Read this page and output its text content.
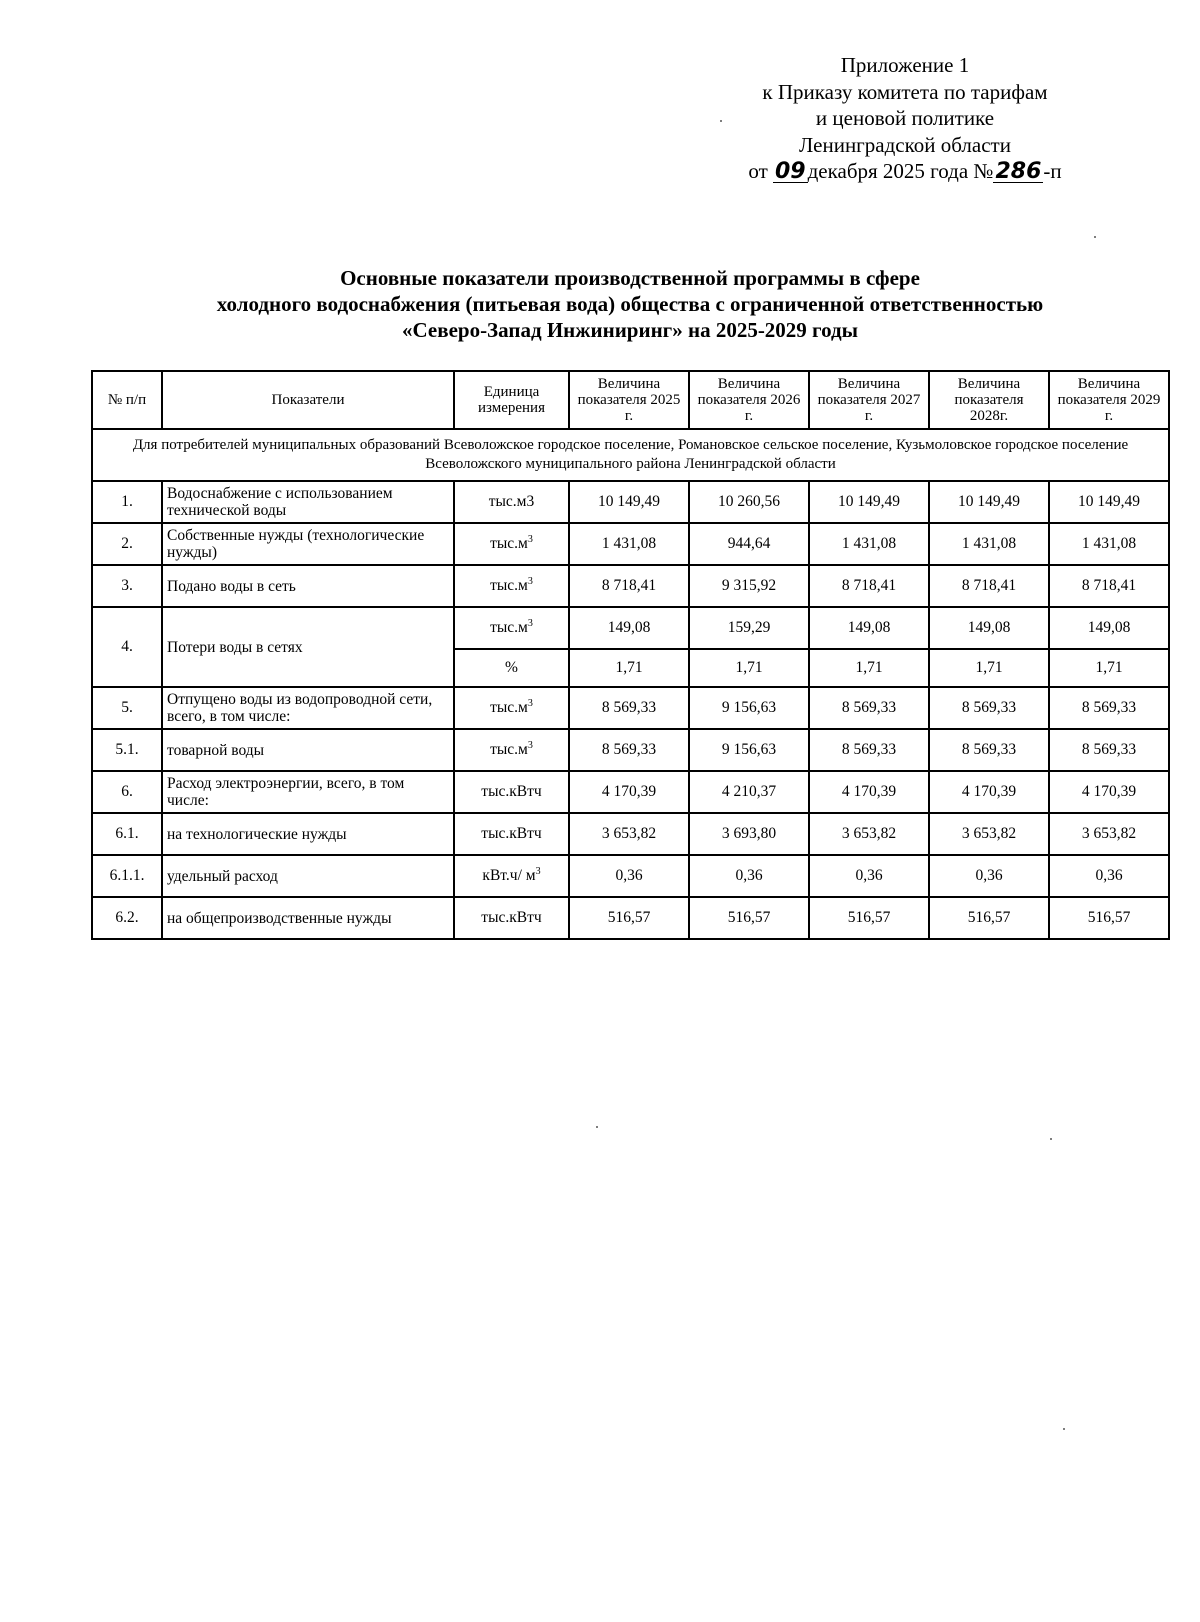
Приложение 1
к Приказу комитета по тарифам
и ценовой политике
Ленинградской области
от 09декабря 2025 года №286-п
Основные показатели производственной программы в сфере
холодного водоснабжения (питьевая вода) общества с ограниченной ответственностью
«Северо-Запад Инжиниринг» на 2025-2029 годы
№ п/п	Показатели	Единица измерения	Величина показателя 2025 г.	Величина показателя 2026 г.	Величина показателя 2027 г.	Величина показателя 2028г.	Величина показателя 2029 г.
Для потребителей муниципальных образований Всеволожское городское поселение, Романовское сельское поселение, Кузьмоловское городское поселение Всеволожского муниципального района Ленинградской области							
1.	Водоснабжение с использованием технической воды	тыс.м3	10 149,49	10 260,56	10 149,49	10 149,49	10 149,49
2.	Собственные нужды (технологические нужды)	$тыс.м^3$	1 431,08	944,64	1 431,08	1 431,08	1 431,08
3.	Подано воды в сеть	$тыс.м^3$	8 718,41	9 315,92	8 718,41	8 718,41	8 718,41
4.	Потери воды в сетях	$тыс.м^3$	149,08	159,29	149,08	149,08	149,08
		%	1,71	1,71	1,71	1,71	1,71
5.	Отпущено воды из водопроводной сети, всего, в том числе:	$тыс.м^3$	8 569,33	9 156,63	8 569,33	8 569,33	8 569,33
5.1.	товарной воды	$тыс.м^3$	8 569,33	9 156,63	8 569,33	8 569,33	8 569,33
6.	Расход электроэнергии, всего, в том числе:	тыс.кВтч	4 170,39	4 210,37	4 170,39	4 170,39	4 170,39
6.1.	на технологические нужды	тыс.кВтч	3 653,82	3 693,80	3 653,82	3 653,82	3 653,82
6.1.1.	удельный расход	кВт.ч/ $м^3$	0,36	0,36	0,36	0,36	0,36
6.2.	на общепроизводственные нужды	тыс.кВтч	516,57	516,57	516,57	516,57	516,57
